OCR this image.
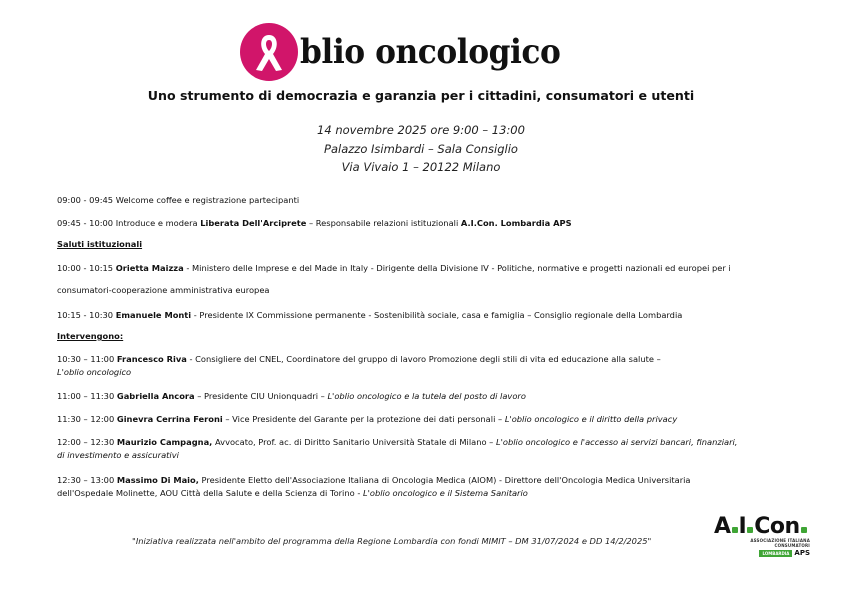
blio oncologico
Uno strumento di democrazia e garanzia per i cittadini, consumatori e utenti
14 novembre 2025 ore 9:00 – 13:00
Palazzo Isimbardi – Sala Consiglio
Via Vivaio 1 – 20122 Milano
09:00 - 09:45 Welcome coffee e registrazione partecipanti
09:45 - 10:00 Introduce e modera Liberata Dell'Arciprete – Responsabile relazioni istituzionali A.I.Con. Lombardia APS
Saluti istituzionali
10:00 - 10:15 Orietta Maizza - Ministero delle Imprese e del Made in Italy - Dirigente della Divisione IV - Politiche, normative e progetti nazionali ed europei per i
consumatori-cooperazione amministrativa europea
10:15 - 10:30 Emanuele Monti - Presidente IX Commissione permanente - Sostenibilità sociale, casa e famiglia – Consiglio regionale della Lombardia
Intervengono:
10:30 – 11:00 Francesco Riva - Consigliere del CNEL, Coordinatore del gruppo di lavoro Promozione degli stili di vita ed educazione alla salute –
L'oblio oncologico
11:00 – 11:30 Gabriella Ancora – Presidente CIU Unionquadri – L'oblio oncologico e la tutela del posto di lavoro
11:30 – 12:00 Ginevra Cerrina Feroni – Vice Presidente del Garante per la protezione dei dati personali – L'oblio oncologico e il diritto della privacy
12:00 – 12:30 Maurizio Campagna, Avvocato, Prof. ac. di Diritto Sanitario Università Statale di Milano – L'oblio oncologico e l'accesso ai servizi bancari, finanziari,
di investimento e assicurativi
12:30 – 13:00 Massimo Di Maio, Presidente Eletto dell'Associazione Italiana di Oncologia Medica (AIOM) - Direttore dell'Oncologia Medica Universitaria
dell'Ospedale Molinette, AOU Città della Salute e della Scienza di Torino - L'oblio oncologico e il Sistema Sanitario
"Iniziativa realizzata nell'ambito del programma della Regione Lombardia con fondi MIMIT – DM 31/07/2024 e DD 14/2/2025"
A I Con
ASSOCIAZIONE ITALIANA
CONSUMATORI
LOMBARDIA APS
